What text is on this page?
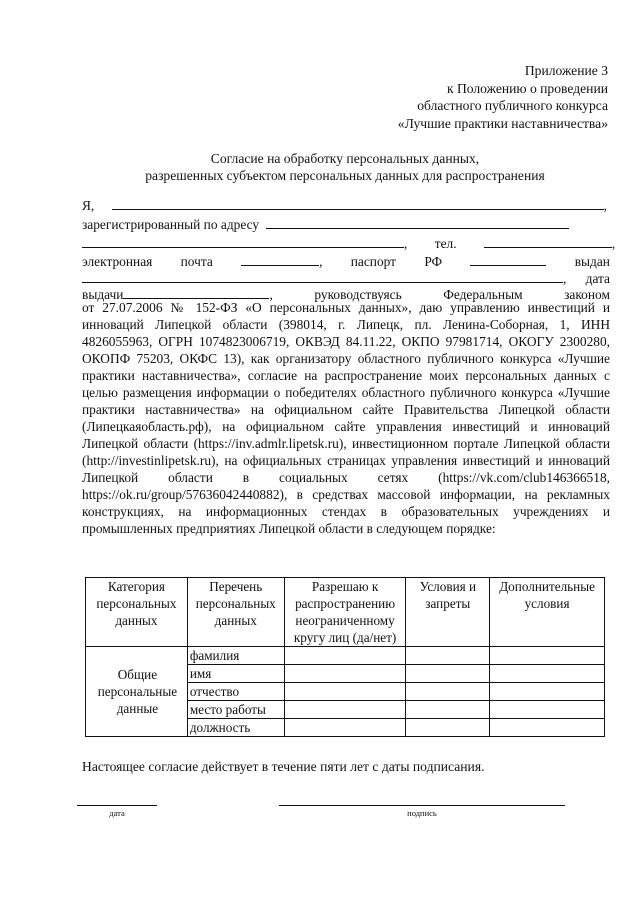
Приложение 3
к Положению о проведении
областного публичного конкурса
«Лучшие практики наставничества»
Согласие на обработку персональных данных,
разрешенных субъектом персональных данных для распространения
Я,	,
зарегистрированный по адресу
, тел.	,
электронная почта	, паспорт РФ	выдан
, дата
выдачи	,	руководствуясь	Федеральным	законом
от 27.07.2006 № 152-ФЗ «О персональных данных», даю управлению инвестиций и инноваций Липецкой области (398014, г. Липецк, пл. Ленина-Соборная, 1, ИНН 4826055963, ОГРН 1074823006719, ОКВЭД 84.11.22, ОКПО 97981714, ОКОГУ 2300280, ОКОПФ 75203, ОКФС 13), как организатору областного публичного конкурса «Лучшие практики наставничества», согласие на распространение моих персональных данных с целью размещения информации о победителях областного публичного конкурса «Лучшие практики наставничества» на официальном сайте Правительства Липецкой области (Липецкаяобласть.рф), на официальном сайте управления инвестиций и инноваций Липецкой области (https://inv.admlr.lipetsk.ru), инвестиционном портале Липецкой области (http://investinlipetsk.ru), на официальных страницах управления инвестиций и инноваций Липецкой области в социальных сетях (https://vk.com/club146366518, https://ok.ru/group/57636042440882), в средствах массовой информации, на рекламных конструкциях, на информационных стендах в образовательных учреждениях и промышленных предприятиях Липецкой области в следующем порядке:
Категория персональных данных	Перечень персональных данных	Разрешаю к распространению неограниченному кругу лиц (да/нет)	Условия и запреты	Дополнительные условия
Общие персональные данные	фамилия			
	имя			
	отчество			
	место работы			
	должность			
Настоящее согласие действует в течение пяти лет с даты подписания.
дата	подпись
